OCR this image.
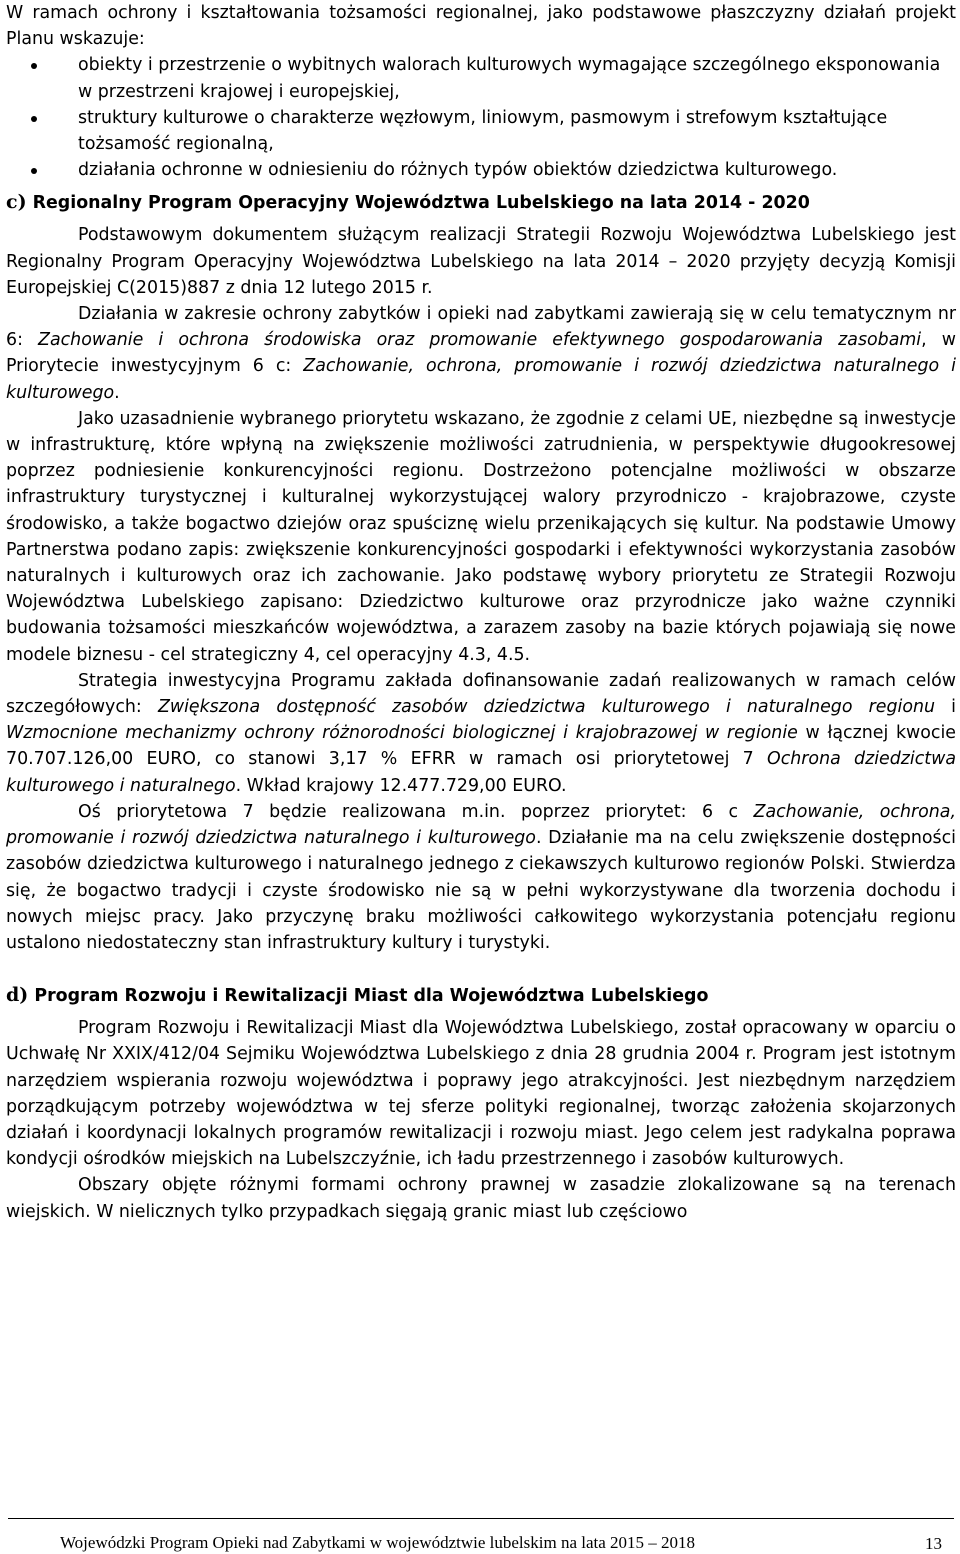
W ramach ochrony i kształtowania tożsamości regionalnej, jako podstawowe płaszczyzny działań projekt Planu wskazuje:

obiekty i przestrzenie o wybitnych walorach kulturowych wymagające szczególnego eksponowania w przestrzeni krajowej i europejskiej,
struktury kulturowe o charakterze węzłowym, liniowym, pasmowym i strefowym kształtujące tożsamość regionalną,
działania ochronne w odniesieniu do różnych typów obiektów dziedzictwa kulturowego.
c) Regionalny Program Operacyjny Województwa Lubelskiego na lata 2014 - 2020

Podstawowym dokumentem służącym realizacji Strategii Rozwoju Województwa Lubelskiego jest Regionalny Program Operacyjny Województwa Lubelskiego na lata 2014 – 2020 przyjęty decyzją Komisji Europejskiej C(2015)887 z dnia 12 lutego 2015 r.

Działania w zakresie ochrony zabytków i opieki nad zabytkami zawierają się w celu tematycznym nr 6: Zachowanie i ochrona środowiska oraz promowanie efektywnego gospodarowania zasobami, w Priorytecie inwestycyjnym 6 c: Zachowanie, ochrona, promowanie i rozwój dziedzictwa naturalnego i kulturowego.

Jako uzasadnienie wybranego priorytetu wskazano, że zgodnie z celami UE, niezbędne są inwestycje w infrastrukturę, które wpłyną na zwiększenie możliwości zatrudnienia, w perspektywie długookresowej poprzez podniesienie konkurencyjności regionu. Dostrzeżono potencjalne możliwości w obszarze infrastruktury turystycznej i kulturalnej wykorzystującej walory przyrodniczo - krajobrazowe, czyste środowisko, a także bogactwo dziejów oraz spuściznę wielu przenikających się kultur. Na podstawie Umowy Partnerstwa podano zapis: zwiększenie konkurencyjności gospodarki i efektywności wykorzystania zasobów naturalnych i kulturowych oraz ich zachowanie. Jako podstawę wybory priorytetu ze Strategii Rozwoju Województwa Lubelskiego zapisano: Dziedzictwo kulturowe oraz przyrodnicze jako ważne czynniki budowania tożsamości mieszkańców województwa, a zarazem zasoby na bazie których pojawiają się nowe modele biznesu - cel strategiczny 4, cel operacyjny 4.3, 4.5.

Strategia inwestycyjna Programu zakłada dofinansowanie zadań realizowanych w ramach celów szczegółowych: Zwiększona dostępność zasobów dziedzictwa kulturowego i naturalnego regionu i Wzmocnione mechanizmy ochrony różnorodności biologicznej i krajobrazowej w regionie w łącznej kwocie 70.707.126,00 EURO, co stanowi 3,17 % EFRR w ramach osi priorytetowej 7 Ochrona dziedzictwa kulturowego i naturalnego. Wkład krajowy 12.477.729,00 EURO.

Oś priorytetowa 7 będzie realizowana m.in. poprzez priorytet: 6 c Zachowanie, ochrona, promowanie i rozwój dziedzictwa naturalnego i kulturowego. Działanie ma na celu zwiększenie dostępności zasobów dziedzictwa kulturowego i naturalnego jednego z ciekawszych kulturowo regionów Polski. Stwierdza się, że bogactwo tradycji i czyste środowisko nie są w pełni wykorzystywane dla tworzenia dochodu i nowych miejsc pracy. Jako przyczynę braku możliwości całkowitego wykorzystania potencjału regionu ustalono niedostateczny stan infrastruktury kultury i turystyki.

d) Program Rozwoju i Rewitalizacji Miast dla Województwa Lubelskiego

Program Rozwoju i Rewitalizacji Miast dla Województwa Lubelskiego, został opracowany w oparciu o Uchwałę Nr XXIX/412/04 Sejmiku Województwa Lubelskiego z dnia 28 grudnia 2004 r. Program jest istotnym narzędziem wspierania rozwoju województwa i poprawy jego atrakcyjności. Jest niezbędnym narzędziem porządkującym potrzeby województwa w tej sferze polityki regionalnej, tworząc założenia skojarzonych działań i koordynacji lokalnych programów rewitalizacji i rozwoju miast. Jego celem jest radykalna poprawa kondycji ośrodków miejskich na Lubelszczyźnie, ich ładu przestrzennego i zasobów kulturowych.

Obszary objęte różnymi formami ochrony prawnej w zasadzie zlokalizowane są na terenach wiejskich. W nielicznych tylko przypadkach sięgają granic miast lub częściowo

Wojewódzki Program Opieki nad Zabytkami w województwie lubelskim na lata 2015 – 2018	13
